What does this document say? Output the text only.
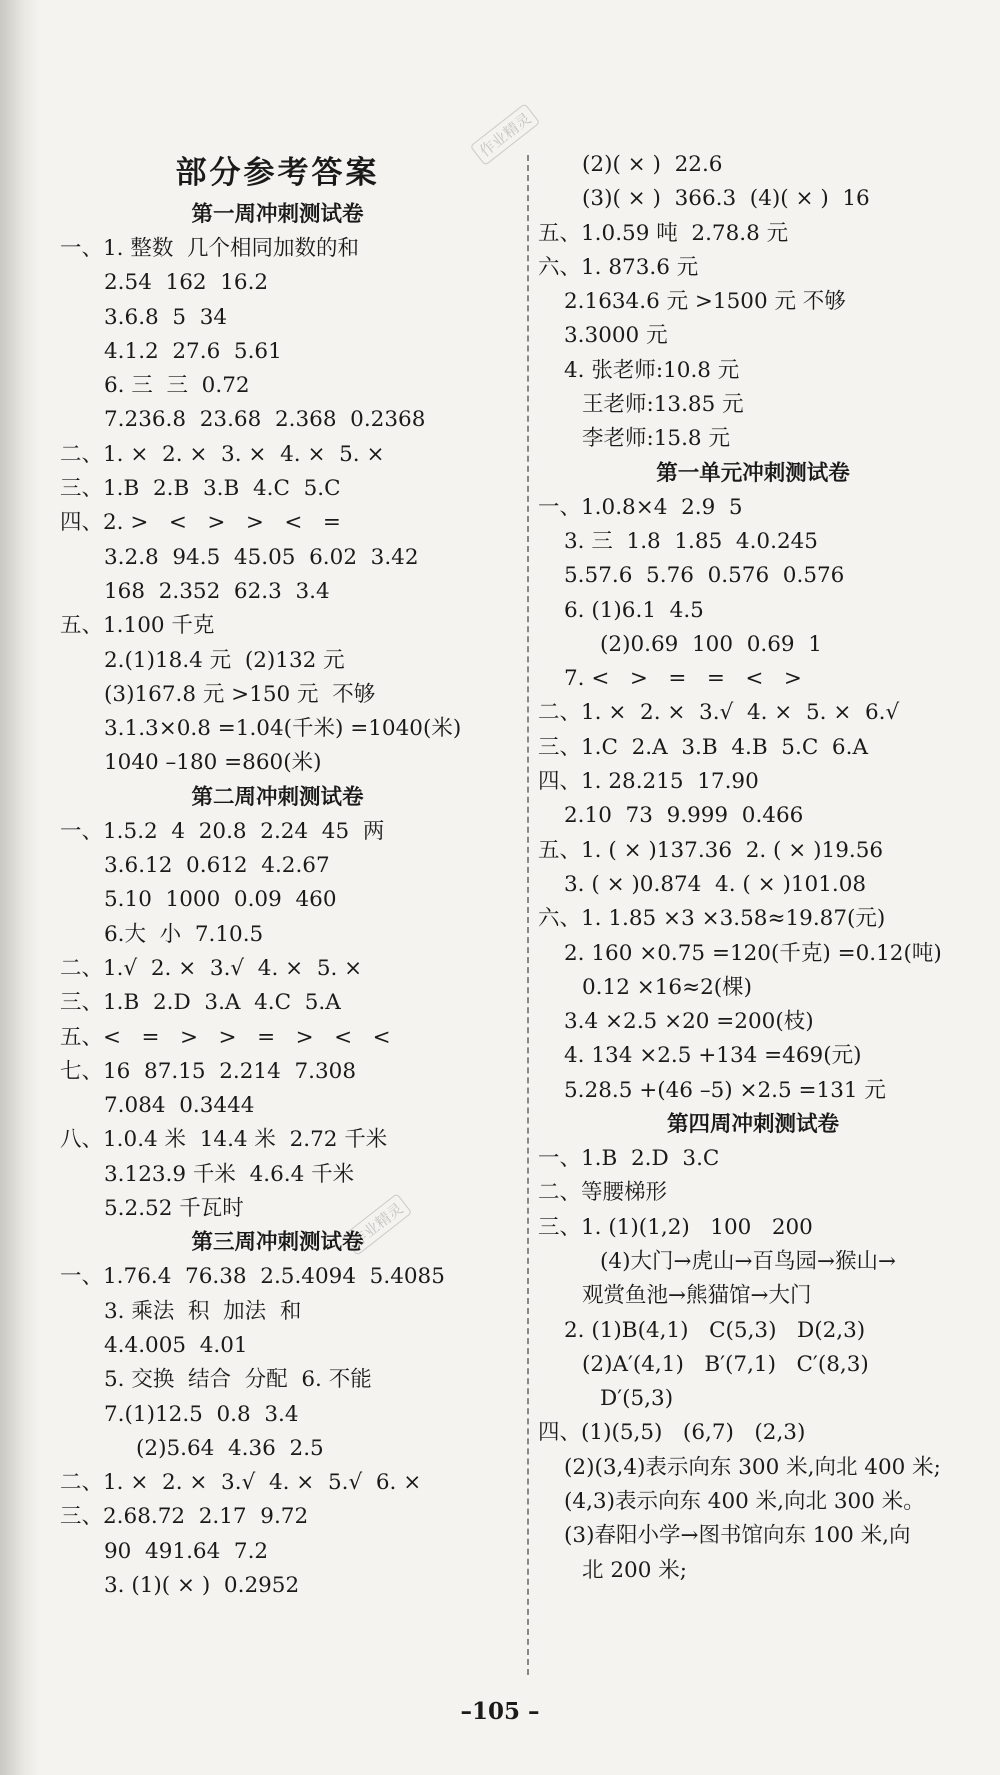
作业精灵
作业精灵
部分参考答案
第一周冲刺测试卷
一、1. 整数  几个相同加数的和
2.54  162  16.2
3.6.8  5  34
4.1.2  27.6  5.61
6. 三  三  0.72
7.236.8  23.68  2.368  0.2368
二、1. ×  2. ×  3. ×  4. ×  5. ×
三、1.B  2.B  3.B  4.C  5.C
四、2. >   <   >   >   <   =
3.2.8  94.5  45.05  6.02  3.42
168  2.352  62.3  3.4
五、1.100 千克
2.(1)18.4 元  (2)132 元
(3)167.8 元 >150 元  不够
3.1.3×0.8 =1.04(千米) =1040(米)
1040 –180 =860(米)
第二周冲刺测试卷
一、1.5.2  4  20.8  2.24  45  两
3.6.12  0.612  4.2.67
5.10  1000  0.09  460
6.大  小  7.10.5
二、1.√  2. ×  3.√  4. ×  5. ×
三、1.B  2.D  3.A  4.C  5.A
五、<   =   >   >   =   >   <   <
七、16  87.15  2.214  7.308
7.084  0.3444
八、1.0.4 米  14.4 米  2.72 千米
3.123.9 千米  4.6.4 千米
5.2.52 千瓦时
第三周冲刺测试卷
一、1.76.4  76.38  2.5.4094  5.4085
3. 乘法  积  加法  和
4.4.005  4.01
5. 交换  结合  分配  6. 不能
7.(1)12.5  0.8  3.4
(2)5.64  4.36  2.5
二、1. ×  2. ×  3.√  4. ×  5.√  6. ×
三、2.68.72  2.17  9.72
90  491.64  7.2
3. (1)( × )  0.2952
(2)( × )  22.6
(3)( × )  366.3  (4)( × )  16
五、1.0.59 吨  2.78.8 元
六、1. 873.6 元
2.1634.6 元 >1500 元 不够
3.3000 元
4. 张老师:10.8 元
王老师:13.85 元
李老师:15.8 元
第一单元冲刺测试卷
一、1.0.8×4  2.9  5
3. 三  1.8  1.85  4.0.245
5.57.6  5.76  0.576  0.576
6. (1)6.1  4.5
(2)0.69  100  0.69  1
7. <   >   =   =   <   >
二、1. ×  2. ×  3.√  4. ×  5. ×  6.√
三、1.C  2.A  3.B  4.B  5.C  6.A
四、1. 28.215  17.90
2.10  73  9.999  0.466
五、1. ( × )137.36  2. ( × )19.56
3. ( × )0.874  4. ( × )101.08
六、1. 1.85 ×3 ×3.58≈19.87(元)
2. 160 ×0.75 =120(千克) =0.12(吨)
0.12 ×16≈2(棵)
3.4 ×2.5 ×20 =200(枝)
4. 134 ×2.5 +134 =469(元)
5.28.5 +(46 –5) ×2.5 =131 元
第四周冲刺测试卷
一、1.B  2.D  3.C
二、等腰梯形
三、1. (1)(1,2)   100   200
(4)大门→虎山→百鸟园→猴山→
观赏鱼池→熊猫馆→大门
2. (1)B(4,1)   C(5,3)   D(2,3)
(2)A′(4,1)   B′(7,1)   C′(8,3)
D′(5,3)
四、(1)(5,5)   (6,7)   (2,3)
(2)(3,4)表示向东 300 米,向北 400 米;
(4,3)表示向东 400 米,向北 300 米。
(3)春阳小学→图书馆向东 100 米,向
北 200 米;
–105 –
